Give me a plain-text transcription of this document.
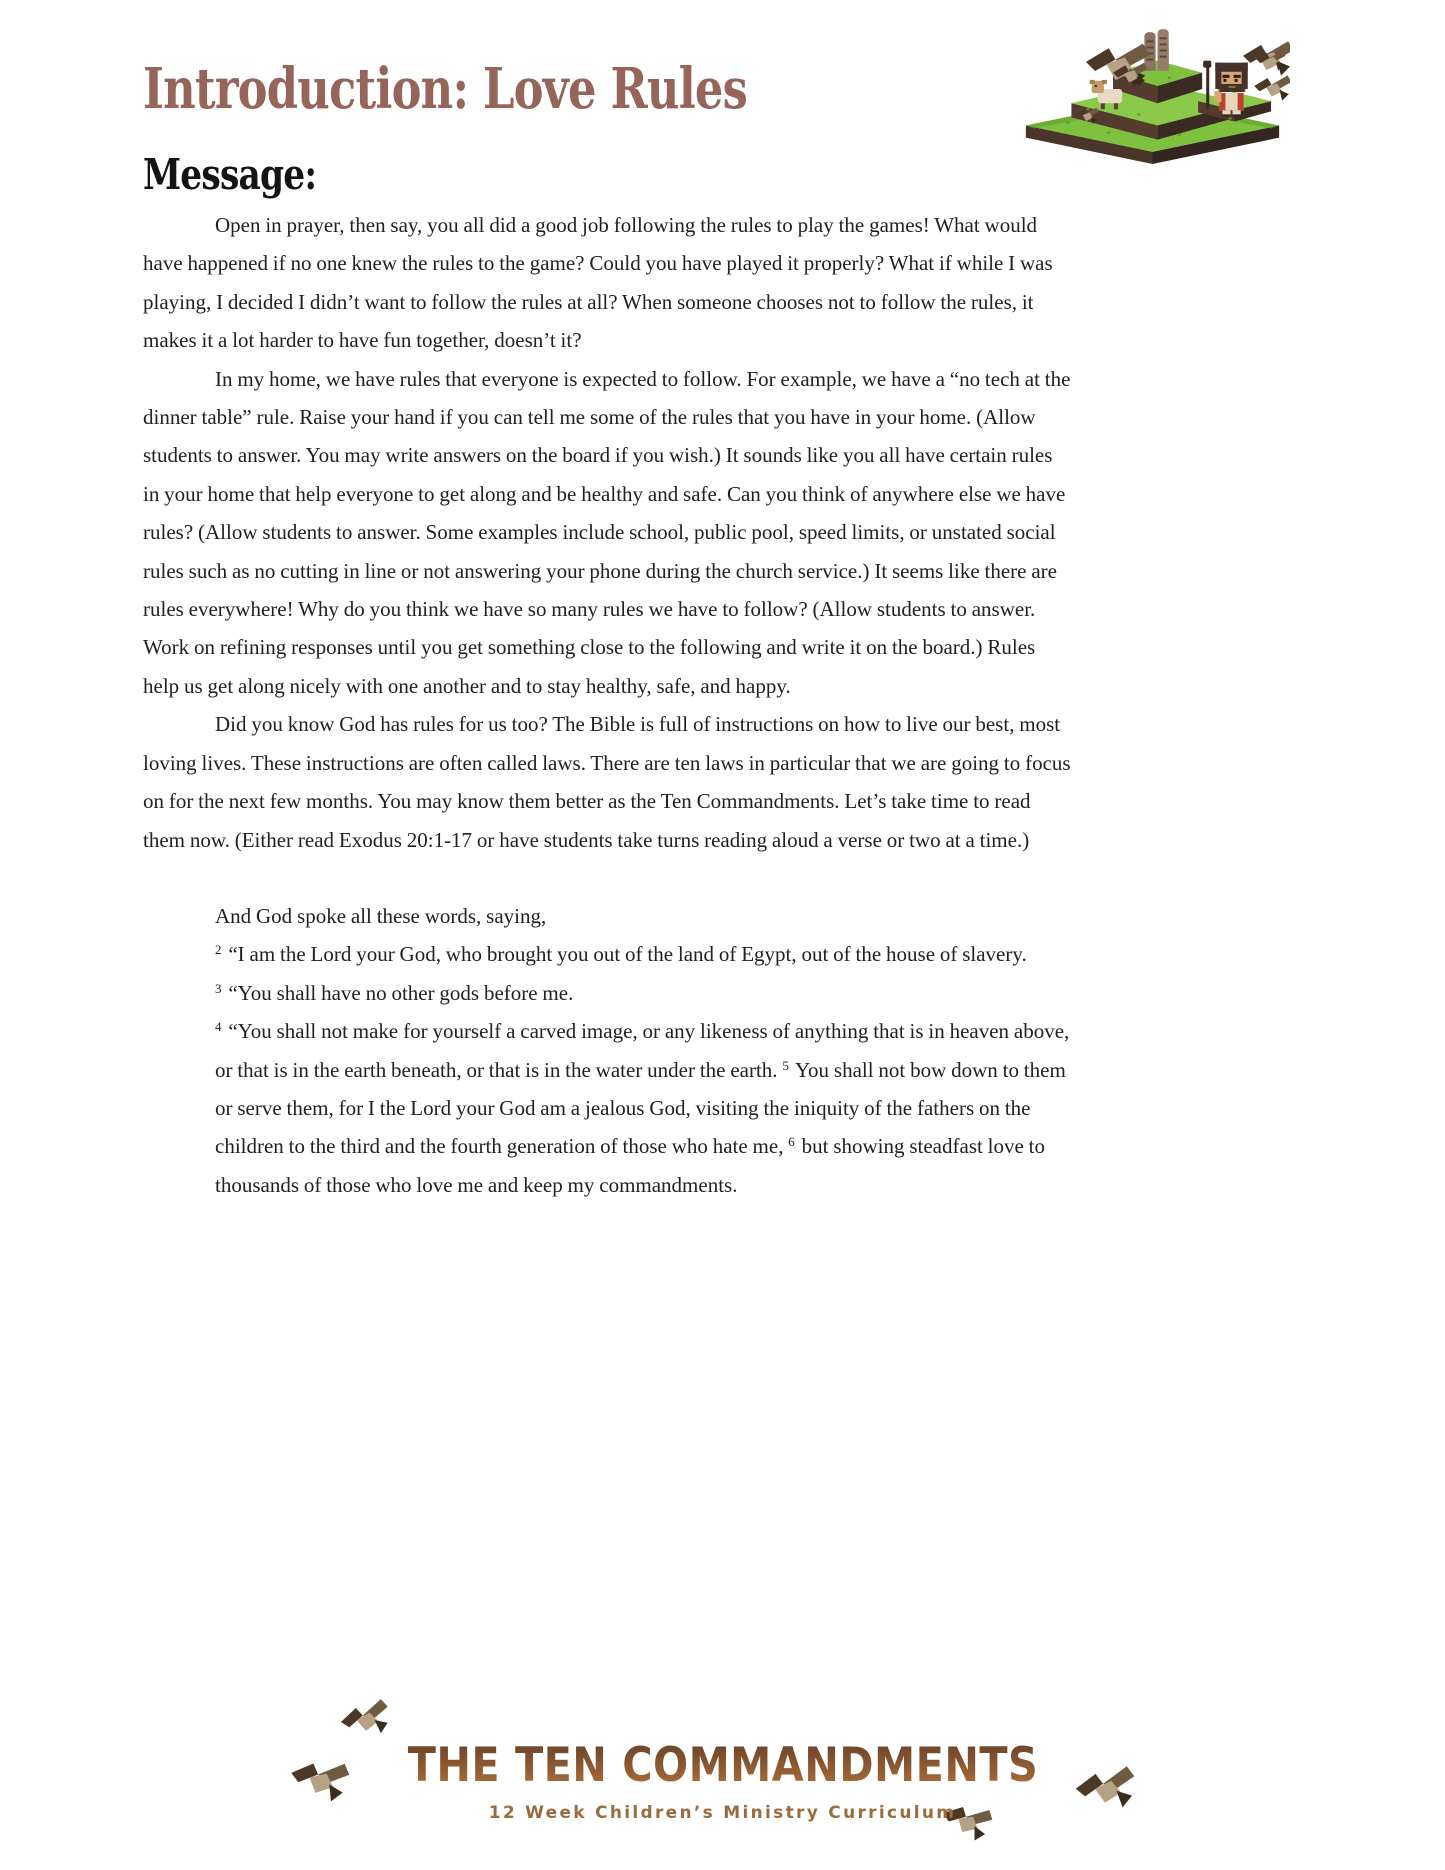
Introduction: Love Rules
Message:

Open in prayer, then say, you all did a good job following the rules to play the games! What would have happened if no one knew the rules to the game? Could you have played it properly? What if while I was playing, I decided I didn’t want to follow the rules at all? When someone chooses not to follow the rules, it makes it a lot harder to have fun together, doesn’t it?

In my home, we have rules that everyone is expected to follow. For example, we have a “no tech at the dinner table” rule. Raise your hand if you can tell me some of the rules that you have in your home. (Allow students to answer. You may write answers on the board if you wish.) It sounds like you all have certain rules in your home that help everyone to get along and be healthy and safe. Can you think of anywhere else we have rules? (Allow students to answer. Some examples include school, public pool, speed limits, or unstated social rules such as no cutting in line or not answering your phone during the church service.) It seems like there are rules everywhere! Why do you think we have so many rules we have to follow? (Allow students to answer. Work on refining responses until you get something close to the following and write it on the board.) Rules help us get along nicely with one another and to stay healthy, safe, and happy.

Did you know God has rules for us too? The Bible is full of instructions on how to live our best, most loving lives. These instructions are often called laws. There are ten laws in particular that we are going to focus on for the next few months. You may know them better as the Ten Commandments. Let’s take time to read them now. (Either read Exodus 20:1-17 or have students take turns reading aloud a verse or two at a time.)

And God spoke all these words, saying,

$^2$ “I am the Lord your God, who brought you out of the land of Egypt, out of the house of slavery.

$^3$ “You shall have no other gods before me.

$^4$ “You shall not make for yourself a carved image, or any likeness of anything that is in heaven above, or that is in the earth beneath, or that is in the water under the earth. $^5$ You shall not bow down to them or serve them, for I the Lord your God am a jealous God, visiting the iniquity of the fathers on the children to the third and the fourth generation of those who hate me, $^6$ but showing steadfast love to thousands of those who love me and keep my commandments.

THE TEN COMMANDMENTS

12 Week Children’s Ministry Curriculum
